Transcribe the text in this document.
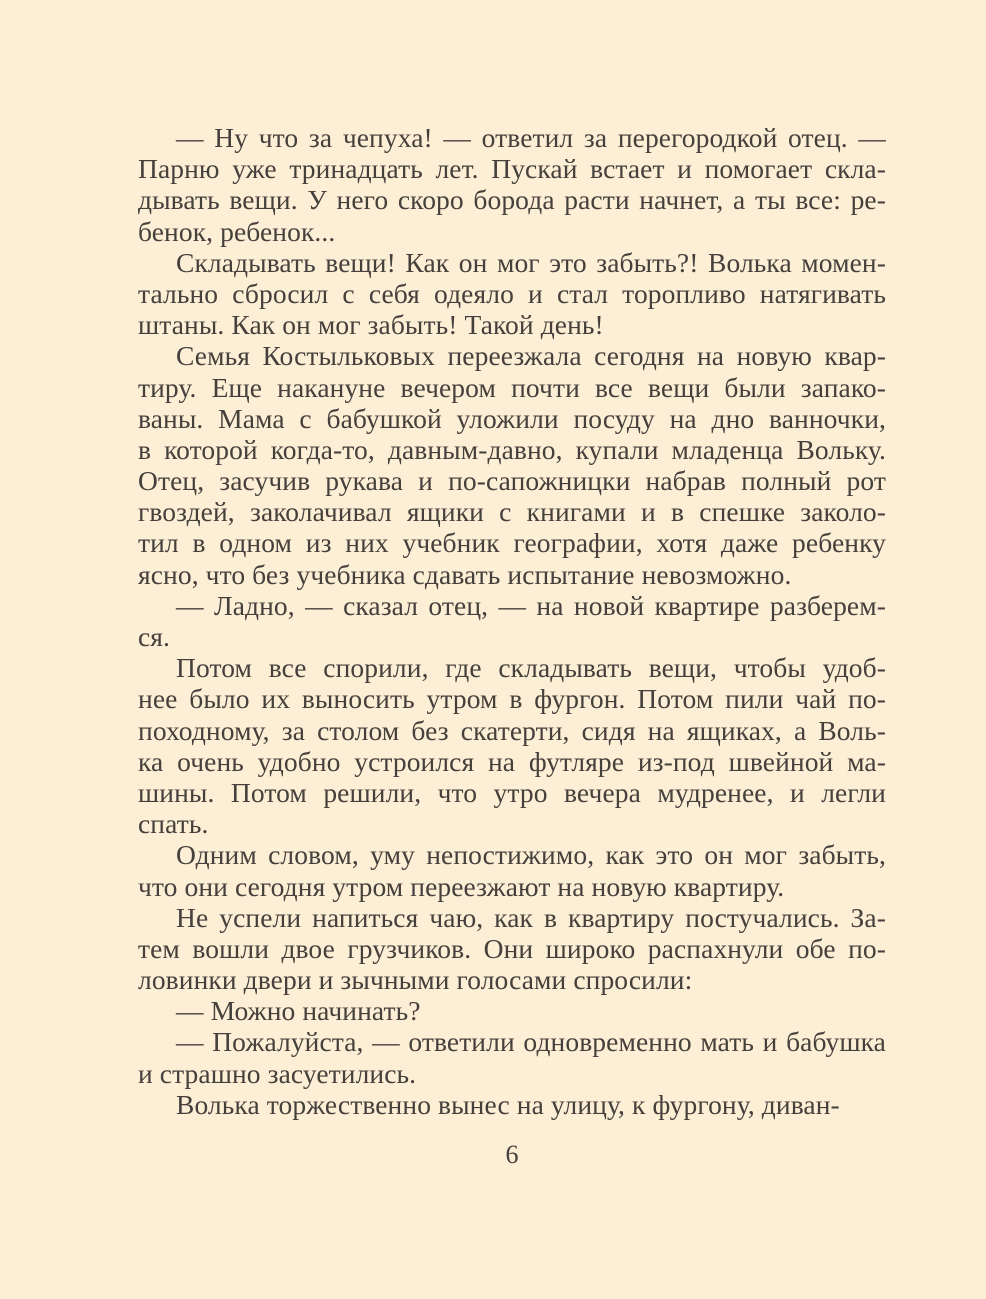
— Ну что за чепуха! — ответил за перегородкой отец. —
Парню уже тринадцать лет. Пускай встает и помогает скла-
дывать вещи. У него скоро борода расти начнет, а ты все: ре-
бенок, ребенок...
Складывать вещи! Как он мог это забыть?! Волька момен-
тально сбросил с себя одеяло и стал торопливо натягивать
штаны. Как он мог забыть! Такой день!
Семья Костыльковых переезжала сегодня на новую квар-
тиру. Еще накануне вечером почти все вещи были запако-
ваны. Мама с бабушкой уложили посуду на дно ванночки,
в которой когда-то, давным-давно, купали младенца Вольку.
Отец, засучив рукава и по-сапожницки набрав полный рот
гвоздей, заколачивал ящики с книгами и в спешке заколо-
тил в одном из них учебник географии, хотя даже ребенку
ясно, что без учебника сдавать испытание невозможно.
— Ладно, — сказал отец, — на новой квартире разберем-
ся.
Потом все спорили, где складывать вещи, чтобы удоб-
нее было их выносить утром в фургон. Потом пили чай по-
походному, за столом без скатерти, сидя на ящиках, а Воль-
ка очень удобно устроился на футляре из-под швейной ма-
шины. Потом решили, что утро вечера мудренее, и легли
спать.
Одним словом, уму непостижимо, как это он мог забыть,
что они сегодня утром переезжают на новую квартиру.
Не успели напиться чаю, как в квартиру постучались. За-
тем вошли двое грузчиков. Они широко распахнули обе по-
ловинки двери и зычными голосами спросили:
— Можно начинать?
— Пожалуйста, — ответили одновременно мать и бабушка
и страшно засуетились.
Волька торжественно вынес на улицу, к фургону, диван-
6
